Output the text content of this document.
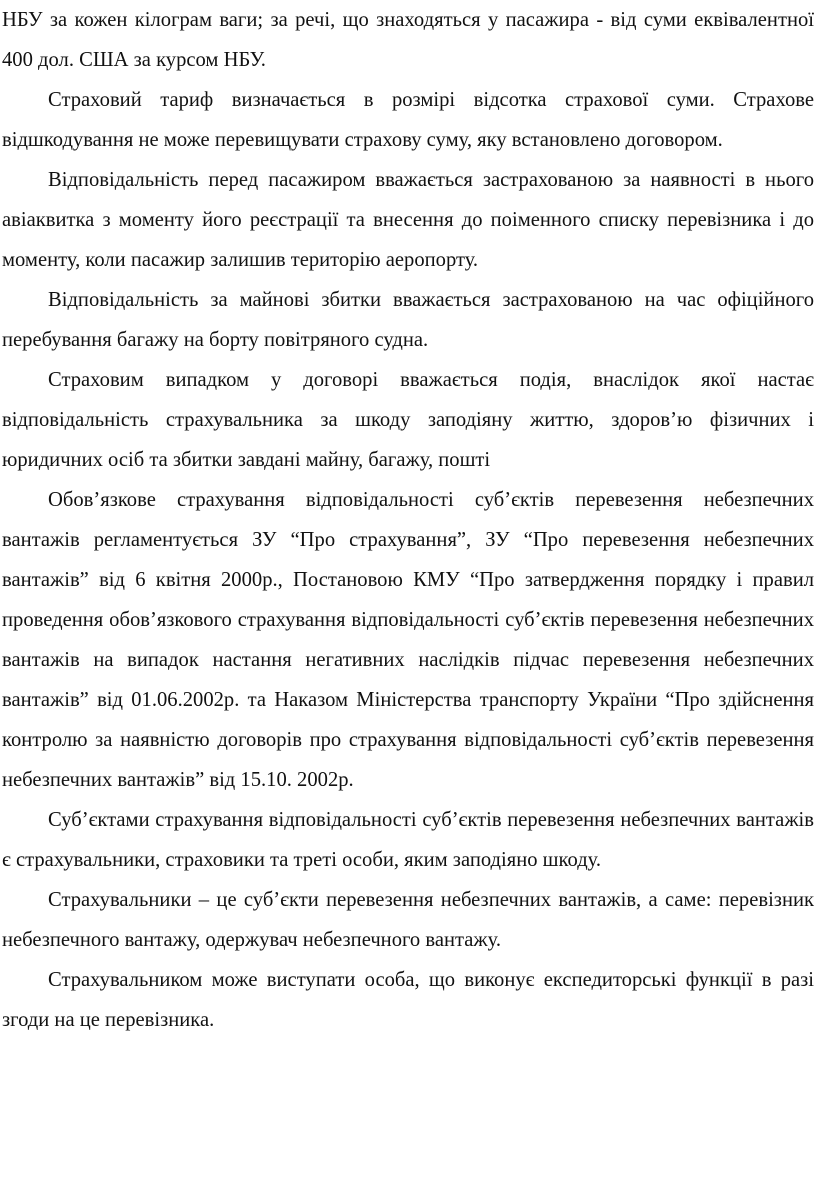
НБУ за кожен кілограм ваги; за речі, що знаходяться у пасажира - від суми еквівалентної 400 дол. США за курсом НБУ.

Страховий тариф визначається в розмірі відсотка страхової суми. Страхове відшкодування не може перевищувати страхову суму, яку встановлено договором.

Відповідальність перед пасажиром вважається застрахованою за наявності в нього авіаквитка з моменту його реєстрації та внесення до поіменного списку перевізника і до моменту, коли пасажир залишив територію аеропорту.

Відповідальність за майнові збитки вважається застрахованою на час офіційного перебування багажу на борту повітряного судна.

Страховим випадком у договорі вважається подія, внаслідок якої настає відповідальність страхувальника за шкоду заподіяну життю, здоров’ю фізичних і юридичних осіб та збитки завдані майну, багажу, пошті

Обов’язкове страхування відповідальності суб’єктів перевезення небезпечних вантажів регламентується ЗУ “Про страхування”, ЗУ “Про перевезення небезпечних вантажів” від 6 квітня 2000р., Постановою КМУ “Про затвердження порядку і правил проведення обов’язкового страхування відповідальності суб’єктів перевезення небезпечних вантажів на випадок настання негативних наслідків підчас перевезення небезпечних вантажів” від 01.06.2002р. та Наказом Міністерства транспорту України “Про здійснення контролю за наявністю договорів про страхування відповідальності суб’єктів перевезення небезпечних вантажів” від 15.10. 2002р.

Суб’єктами страхування відповідальності суб’єктів перевезення небезпечних вантажів є страхувальники, страховики та треті особи, яким заподіяно шкоду.

Страхувальники – це суб’єкти перевезення небезпечних вантажів, а саме: перевізник небезпечного вантажу, одержувач небезпечного вантажу.

Страхувальником може виступати особа, що виконує експедиторські функції в разі згоди на це перевізника.
